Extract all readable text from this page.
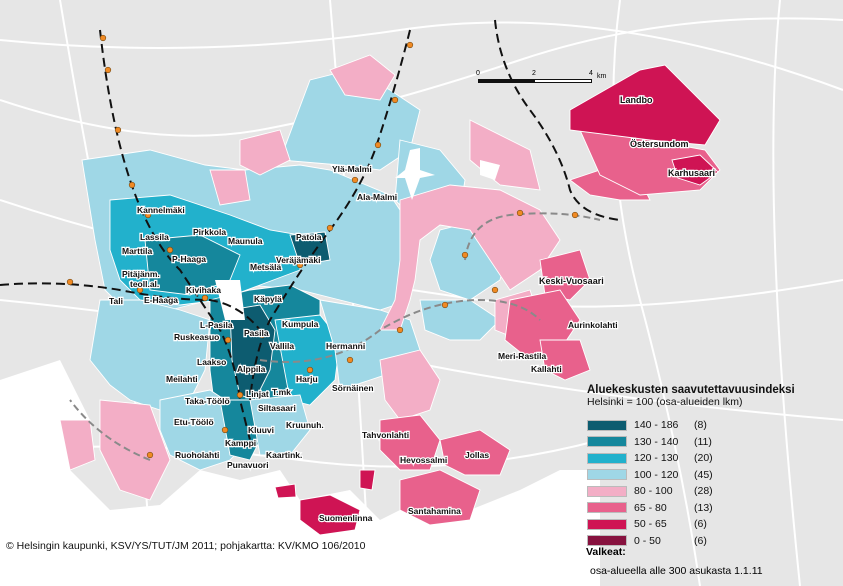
Landbo
Östersundom
Karhusaari
Ylä-Malmi
Ala-Malmi
Kannelmäki
Lassila	Pirkkola	Patola
Maunula
Marttila
P-Haaga
Metsälä
Veräjämäki
Pitäjänm.
teoll.al.
Kivihaka
Tali E-Haaga	Käpylä
Keski-Vuosaari
Aurinkolahti
L-Pasila
Pasila
Kumpula
Ruskeasuo
Vallila	Hermanni
Meri-Rastila
Kallahti
Laakso
Alppila
Harju
Meilahti
T.mk	Sörnäinen
Taka-Töölö
Linjat
Siltasaari
Etu-Töölö
Kluuvi Kruunuh.
Tahvonlahti
Kamppi
Ruoholahti	Kaartink.	Hevossalmi Jollas
Punavuori
Santahamina
Suomenlinna
0	2	4 km
Aluekeskusten saavutettavuusindeksi
Helsinki = 100 (osa-alueiden lkm)
140 - 186	(8)
130 - 140	(11)
120 - 130	(20)
100 - 120	(45)
80 - 100	(28)
65 - 80	(13)
50 - 65	(6)
0 - 50	(6)
© Helsingin kaupunki, KSV/YS/TUT/JM 2011; pohjakartta: KV/KMO 106/2010	Valkeat:
osa-alueella alle 300 asukasta 1.1.11
